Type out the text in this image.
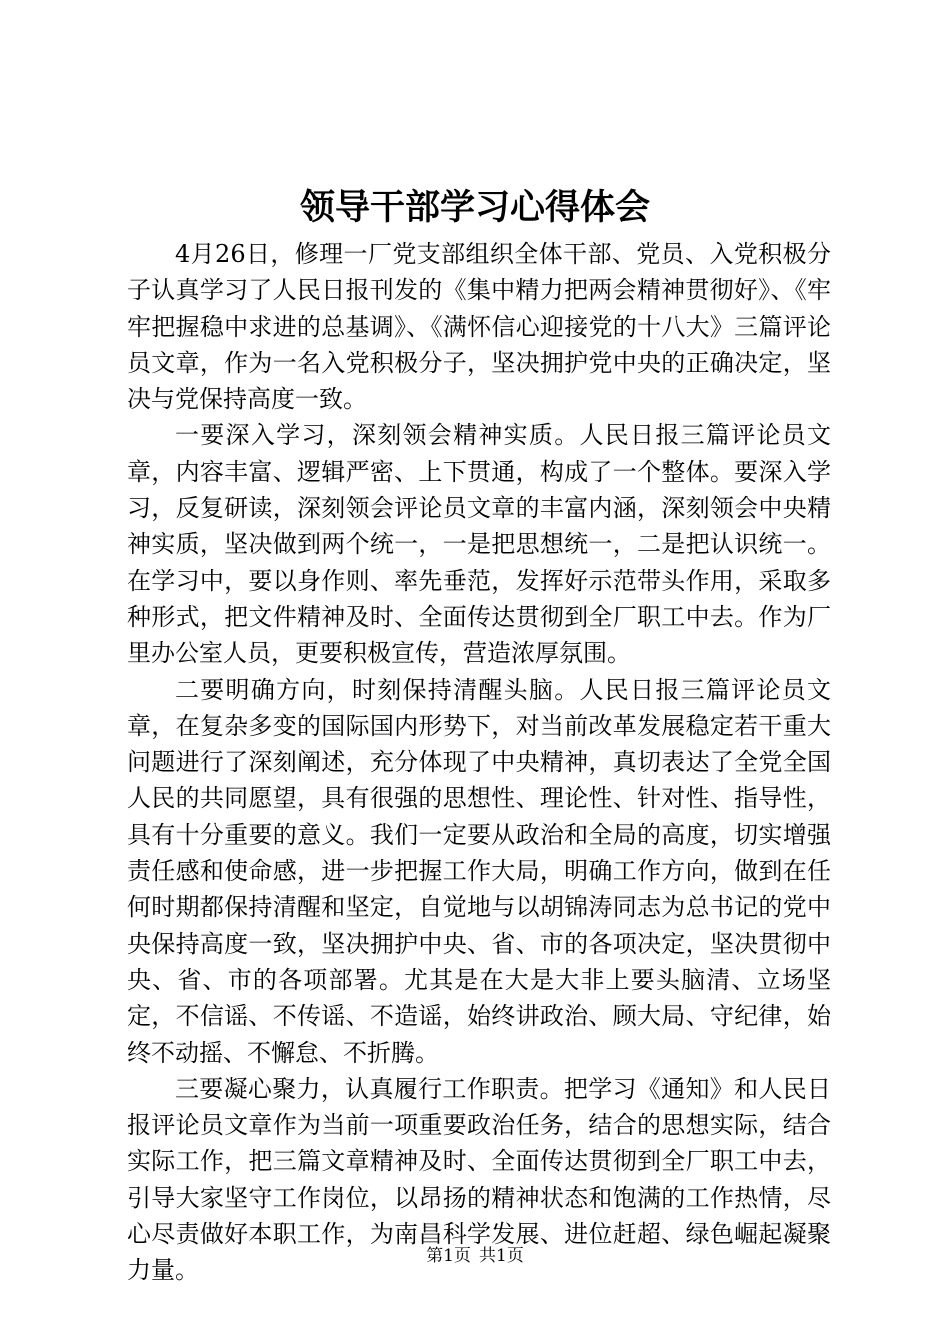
领导干部学习心得体会

4月26日，修理一厂党支部组织全体干部、党员、入党积极分子认真学习了人民日报刊发的《集中精力把两会精神贯彻好》、《牢牢把握稳中求进的总基调》、《满怀信心迎接党的十八大》三篇评论员文章，作为一名入党积极分子，坚决拥护党中央的正确决定，坚决与党保持高度一致。

一要深入学习，深刻领会精神实质。人民日报三篇评论员文章，内容丰富、逻辑严密、上下贯通，构成了一个整体。要深入学习，反复研读，深刻领会评论员文章的丰富内涵，深刻领会中央精神实质，坚决做到两个统一，一是把思想统一，二是把认识统一。在学习中，要以身作则、率先垂范，发挥好示范带头作用，采取多种形式，把文件精神及时、全面传达贯彻到全厂职工中去。作为厂里办公室人员，更要积极宣传，营造浓厚氛围。

二要明确方向，时刻保持清醒头脑。人民日报三篇评论员文章，在复杂多变的国际国内形势下，对当前改革发展稳定若干重大问题进行了深刻阐述，充分体现了中央精神，真切表达了全党全国人民的共同愿望，具有很强的思想性、理论性、针对性、指导性，具有十分重要的意义。我们一定要从政治和全局的高度，切实增强责任感和使命感，进一步把握工作大局，明确工作方向，做到在任何时期都保持清醒和坚定，自觉地与以胡锦涛同志为总书记的党中央保持高度一致，坚决拥护中央、省、市的各项决定，坚决贯彻中央、省、市的各项部署。尤其是在大是大非上要头脑清、立场坚定，不信谣、不传谣、不造谣，始终讲政治、顾大局、守纪律，始终不动摇、不懈怠、不折腾。

三要凝心聚力，认真履行工作职责。把学习《通知》和人民日报评论员文章作为当前一项重要政治任务，结合的思想实际，结合实际工作，把三篇文章精神及时、全面传达贯彻到全厂职工中去，引导大家坚守工作岗位，以昂扬的精神状态和饱满的工作热情，尽心尽责做好本职工作，为南昌科学发展、进位赶超、绿色崛起凝聚力量。

第1页 共1页
